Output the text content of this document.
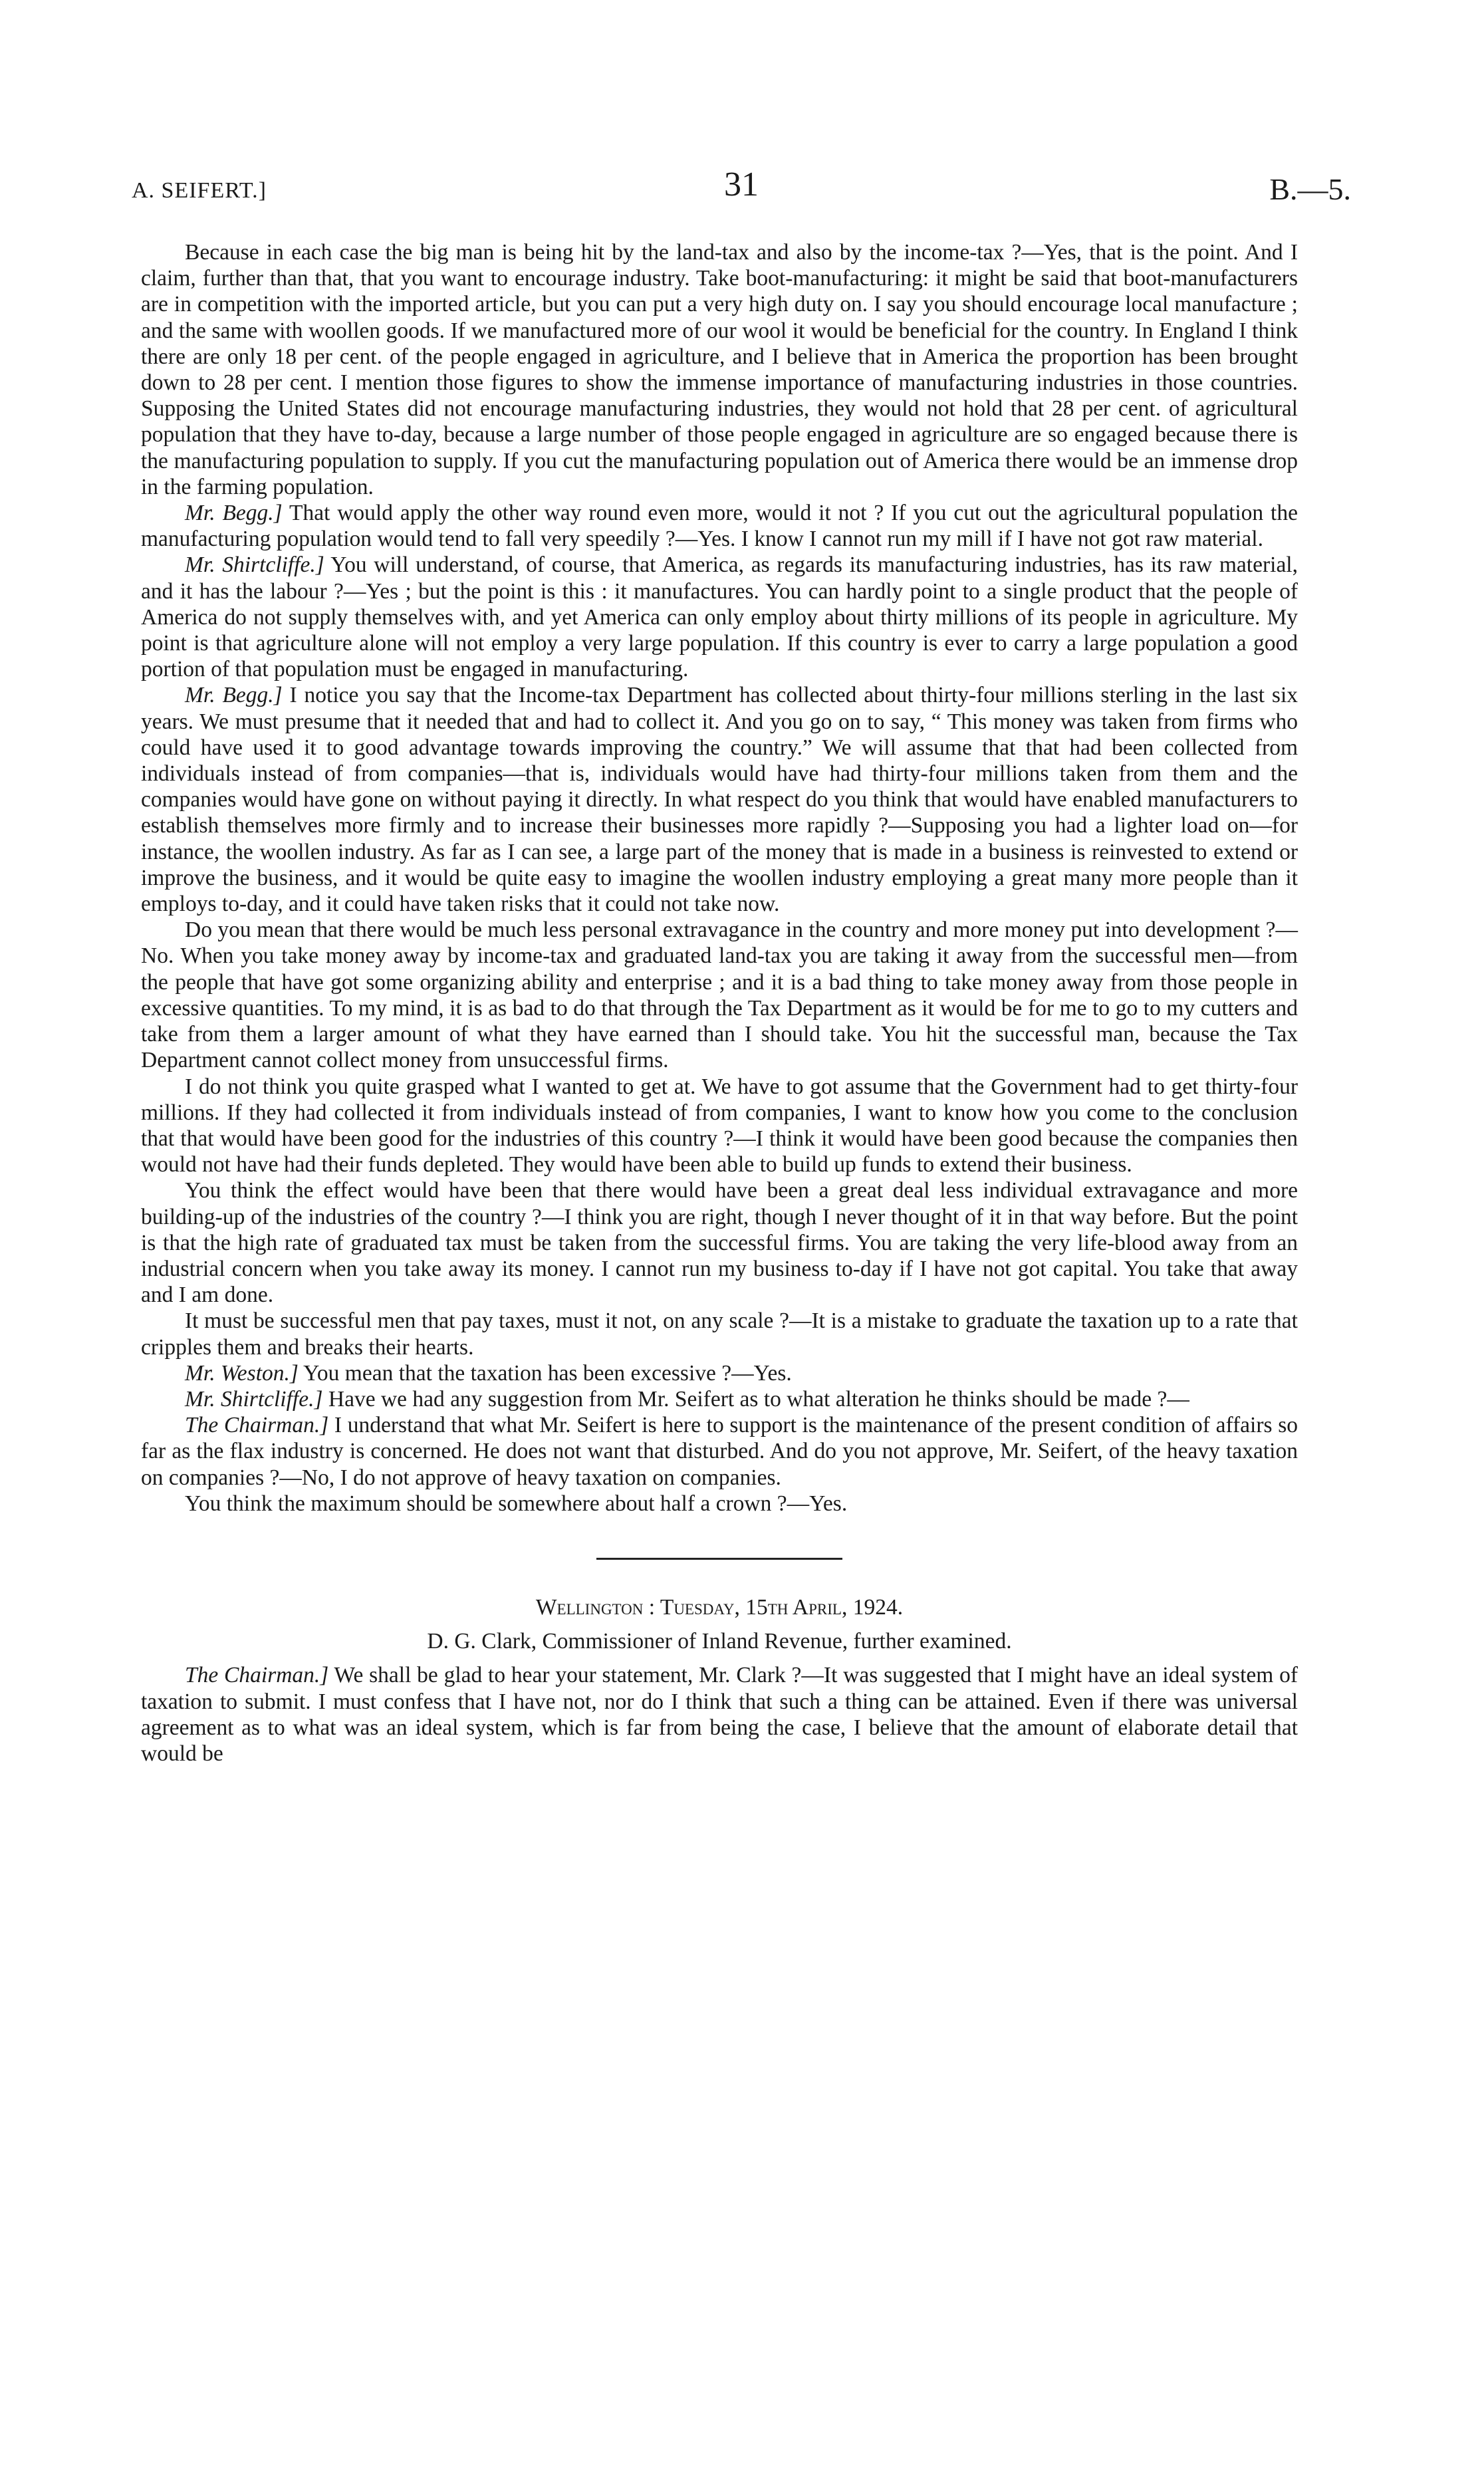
A. SEIFERT.]	31	B.—5.

Because in each case the big man is being hit by the land-tax and also by the income-tax ?—Yes, that is the point. And I claim, further than that, that you want to encourage industry. Take boot-manufacturing: it might be said that boot-manufacturers are in competition with the imported article, but you can put a very high duty on. I say you should encourage local manufacture ; and the same with woollen goods. If we manufactured more of our wool it would be beneficial for the country. In England I think there are only 18 per cent. of the people engaged in agriculture, and I believe that in America the proportion has been brought down to 28 per cent. I mention those figures to show the immense importance of manufacturing industries in those countries. Supposing the United States did not encourage manufacturing industries, they would not hold that 28 per cent. of agricultural population that they have to-day, because a large number of those people engaged in agriculture are so engaged because there is the manufacturing population to supply. If you cut the manufacturing population out of America there would be an immense drop in the farming population.

Mr. Begg.] That would apply the other way round even more, would it not ? If you cut out the agricultural population the manufacturing population would tend to fall very speedily ?—Yes. I know I cannot run my mill if I have not got raw material.

Mr. Shirtcliffe.] You will understand, of course, that America, as regards its manufacturing industries, has its raw material, and it has the labour ?—Yes ; but the point is this : it manufactures. You can hardly point to a single product that the people of America do not supply themselves with, and yet America can only employ about thirty millions of its people in agriculture. My point is that agriculture alone will not employ a very large population. If this country is ever to carry a large population a good portion of that population must be engaged in manufacturing.

Mr. Begg.] I notice you say that the Income-tax Department has collected about thirty-four millions sterling in the last six years. We must presume that it needed that and had to collect it. And you go on to say, “ This money was taken from firms who could have used it to good advantage towards improving the country.” We will assume that that had been collected from individuals instead of from companies—that is, individuals would have had thirty-four millions taken from them and the companies would have gone on without paying it directly. In what respect do you think that would have enabled manufacturers to establish themselves more firmly and to increase their businesses more rapidly ?—Supposing you had a lighter load on—for instance, the woollen industry. As far as I can see, a large part of the money that is made in a business is reinvested to extend or improve the business, and it would be quite easy to imagine the woollen industry employing a great many more people than it employs to-day, and it could have taken risks that it could not take now.

Do you mean that there would be much less personal extravagance in the country and more money put into development ?—No. When you take money away by income-tax and graduated land-tax you are taking it away from the successful men—from the people that have got some organizing ability and enterprise ; and it is a bad thing to take money away from those people in excessive quantities. To my mind, it is as bad to do that through the Tax Department as it would be for me to go to my cutters and take from them a larger amount of what they have earned than I should take. You hit the successful man, because the Tax Department cannot collect money from unsuccessful firms.

I do not think you quite grasped what I wanted to get at. We have to got assume that the Government had to get thirty-four millions. If they had collected it from individuals instead of from companies, I want to know how you come to the conclusion that that would have been good for the industries of this country ?—I think it would have been good because the companies then would not have had their funds depleted. They would have been able to build up funds to extend their business.

You think the effect would have been that there would have been a great deal less individual extravagance and more building-up of the industries of the country ?—I think you are right, though I never thought of it in that way before. But the point is that the high rate of graduated tax must be taken from the successful firms. You are taking the very life-blood away from an industrial concern when you take away its money. I cannot run my business to-day if I have not got capital. You take that away and I am done.

It must be successful men that pay taxes, must it not, on any scale ?—It is a mistake to graduate the taxation up to a rate that cripples them and breaks their hearts.

Mr. Weston.] You mean that the taxation has been excessive ?—Yes.

Mr. Shirtcliffe.] Have we had any suggestion from Mr. Seifert as to what alteration he thinks should be made ?—

The Chairman.] I understand that what Mr. Seifert is here to support is the maintenance of the present condition of affairs so far as the flax industry is concerned. He does not want that disturbed. And do you not approve, Mr. Seifert, of the heavy taxation on companies ?—No, I do not approve of heavy taxation on companies.

You think the maximum should be somewhere about half a crown ?—Yes.

Wellington : Tuesday, 15th April, 1924.

D. G. Clark, Commissioner of Inland Revenue, further examined.

The Chairman.] We shall be glad to hear your statement, Mr. Clark ?—It was suggested that I might have an ideal system of taxation to submit. I must confess that I have not, nor do I think that such a thing can be attained. Even if there was universal agreement as to what was an ideal system, which is far from being the case, I believe that the amount of elaborate detail that would be
